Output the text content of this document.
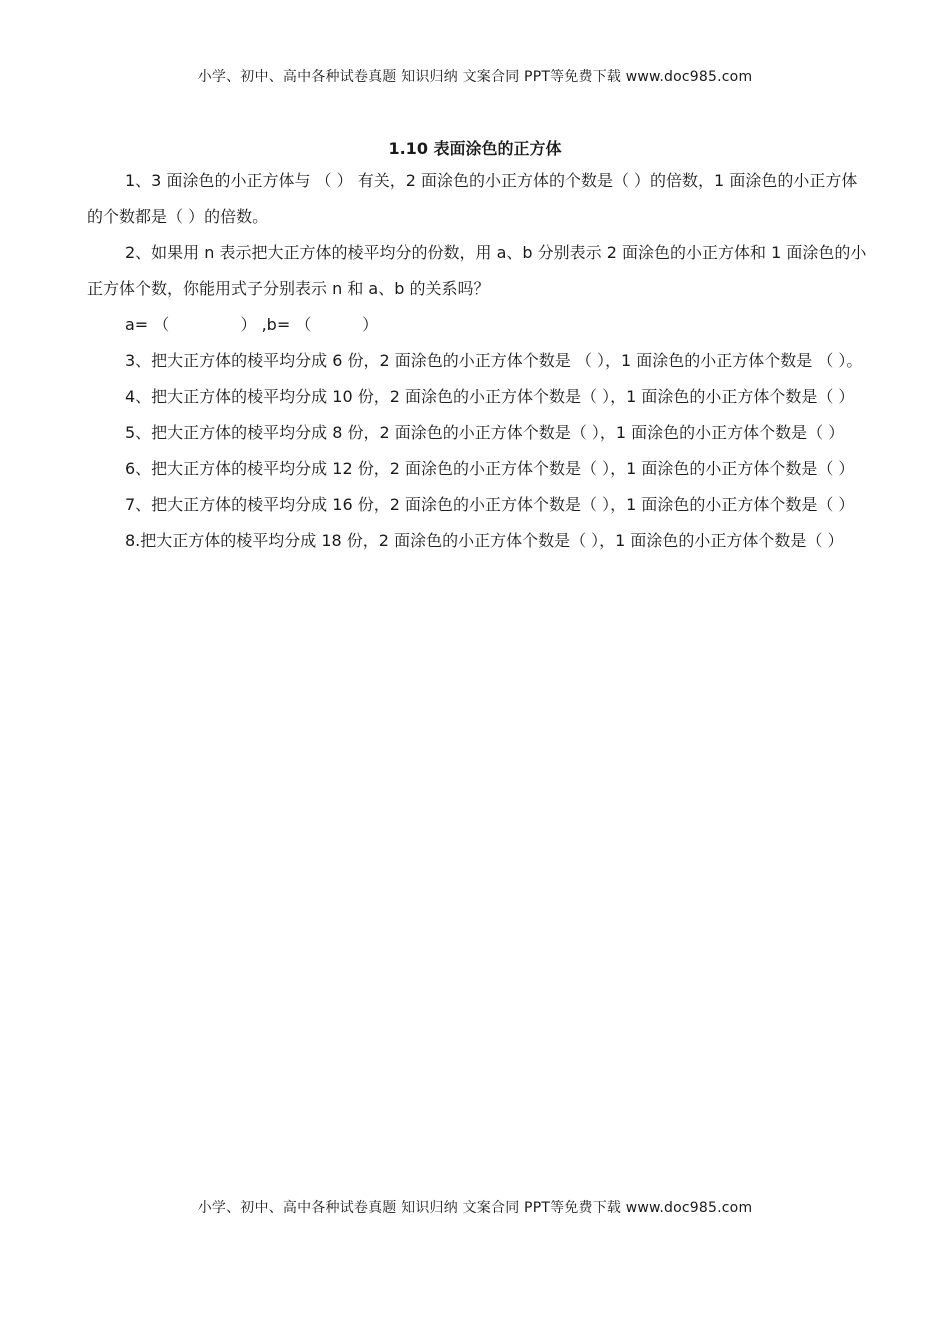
小学、初中、高中各种试卷真题 知识归纳 文案合同 PPT等免费下载 www.doc985.com
1.10 表面涂色的正方体

1、3 面涂色的小正方体与 （ ） 有关，2 面涂色的小正方体的个数是（ ）的倍数，1 面涂色的小正方体的个数都是（ ）的倍数。

2、如果用 n 表示把大正方体的棱平均分的份数，用 a、b 分别表示 2 面涂色的小正方体和 1 面涂色的小正方体个数，你能用式子分别表示 n 和 a、b 的关系吗？

a= （              ） ,b= （          ）

3、把大正方体的棱平均分成 6 份，2 面涂色的小正方体个数是 （ ），1 面涂色的小正方体个数是 （ ）。

4、把大正方体的棱平均分成 10 份，2 面涂色的小正方体个数是（ ），1 面涂色的小正方体个数是（ ）

5、把大正方体的棱平均分成 8 份，2 面涂色的小正方体个数是（ ），1 面涂色的小正方体个数是（ ）

6、把大正方体的棱平均分成 12 份，2 面涂色的小正方体个数是（ ），1 面涂色的小正方体个数是（ ）

7、把大正方体的棱平均分成 16 份，2 面涂色的小正方体个数是（ ），1 面涂色的小正方体个数是（ ）

8.把大正方体的棱平均分成 18 份，2 面涂色的小正方体个数是（ ），1 面涂色的小正方体个数是（ ）

小学、初中、高中各种试卷真题 知识归纳 文案合同 PPT等免费下载 www.doc985.com
